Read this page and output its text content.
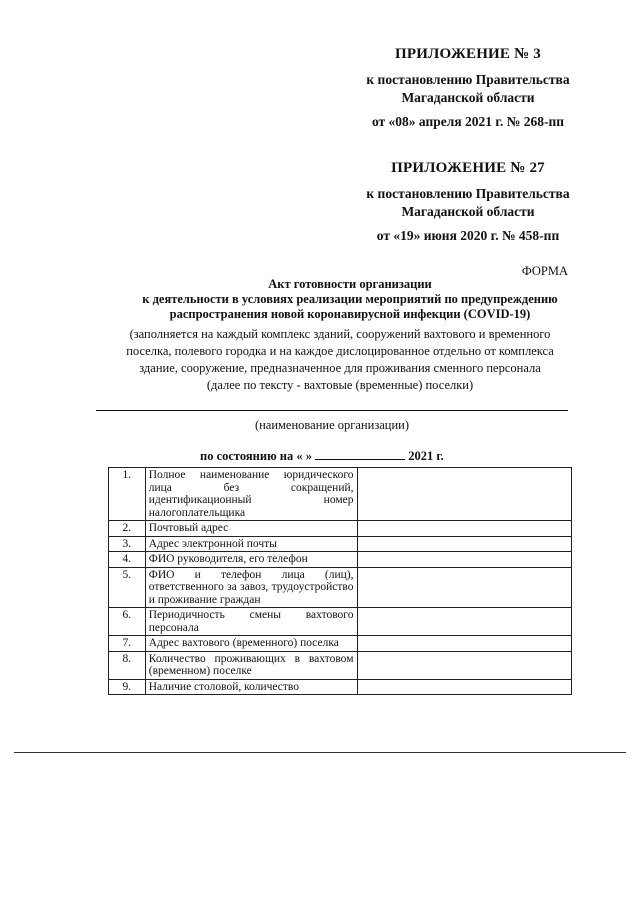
ПРИЛОЖЕНИЕ № 3
к постановлению Правительства
Магаданской области
от «08» апреля 2021 г. № 268-пп
ПРИЛОЖЕНИЕ № 27
к постановлению Правительства
Магаданской области
от «19» июня 2020 г. № 458-пп
ФОРМА
Акт готовности организации
к деятельности в условиях реализации мероприятий по предупреждению
распространения новой коронавирусной инфекции (COVID-19)
(заполняется на каждый комплекс зданий, сооружений вахтового и временного
поселка, полевого городка и на каждое дислоцированное отдельно от комплекса
здание, сооружение, предназначенное для проживания сменного персонала
(далее по тексту - вахтовые (временные) поселки)
(наименование организации)
по состоянию на « »	2021 г.
1.	Полное наименование юридического лица без сокращений, идентификационный номер налогоплательщика	
2.	Почтовый адрес	
3.	Адрес электронной почты	
4.	ФИО руководителя, его телефон	
5.	ФИО и телефон лица (лиц), ответственного за завоз, трудоустройство и проживание граждан	
6.	Периодичность смены вахтового персонала	
7.	Адрес вахтового (временного) поселка	
8.	Количество проживающих в вахтовом (временном) поселке	
9.	Наличие столовой, количество	
